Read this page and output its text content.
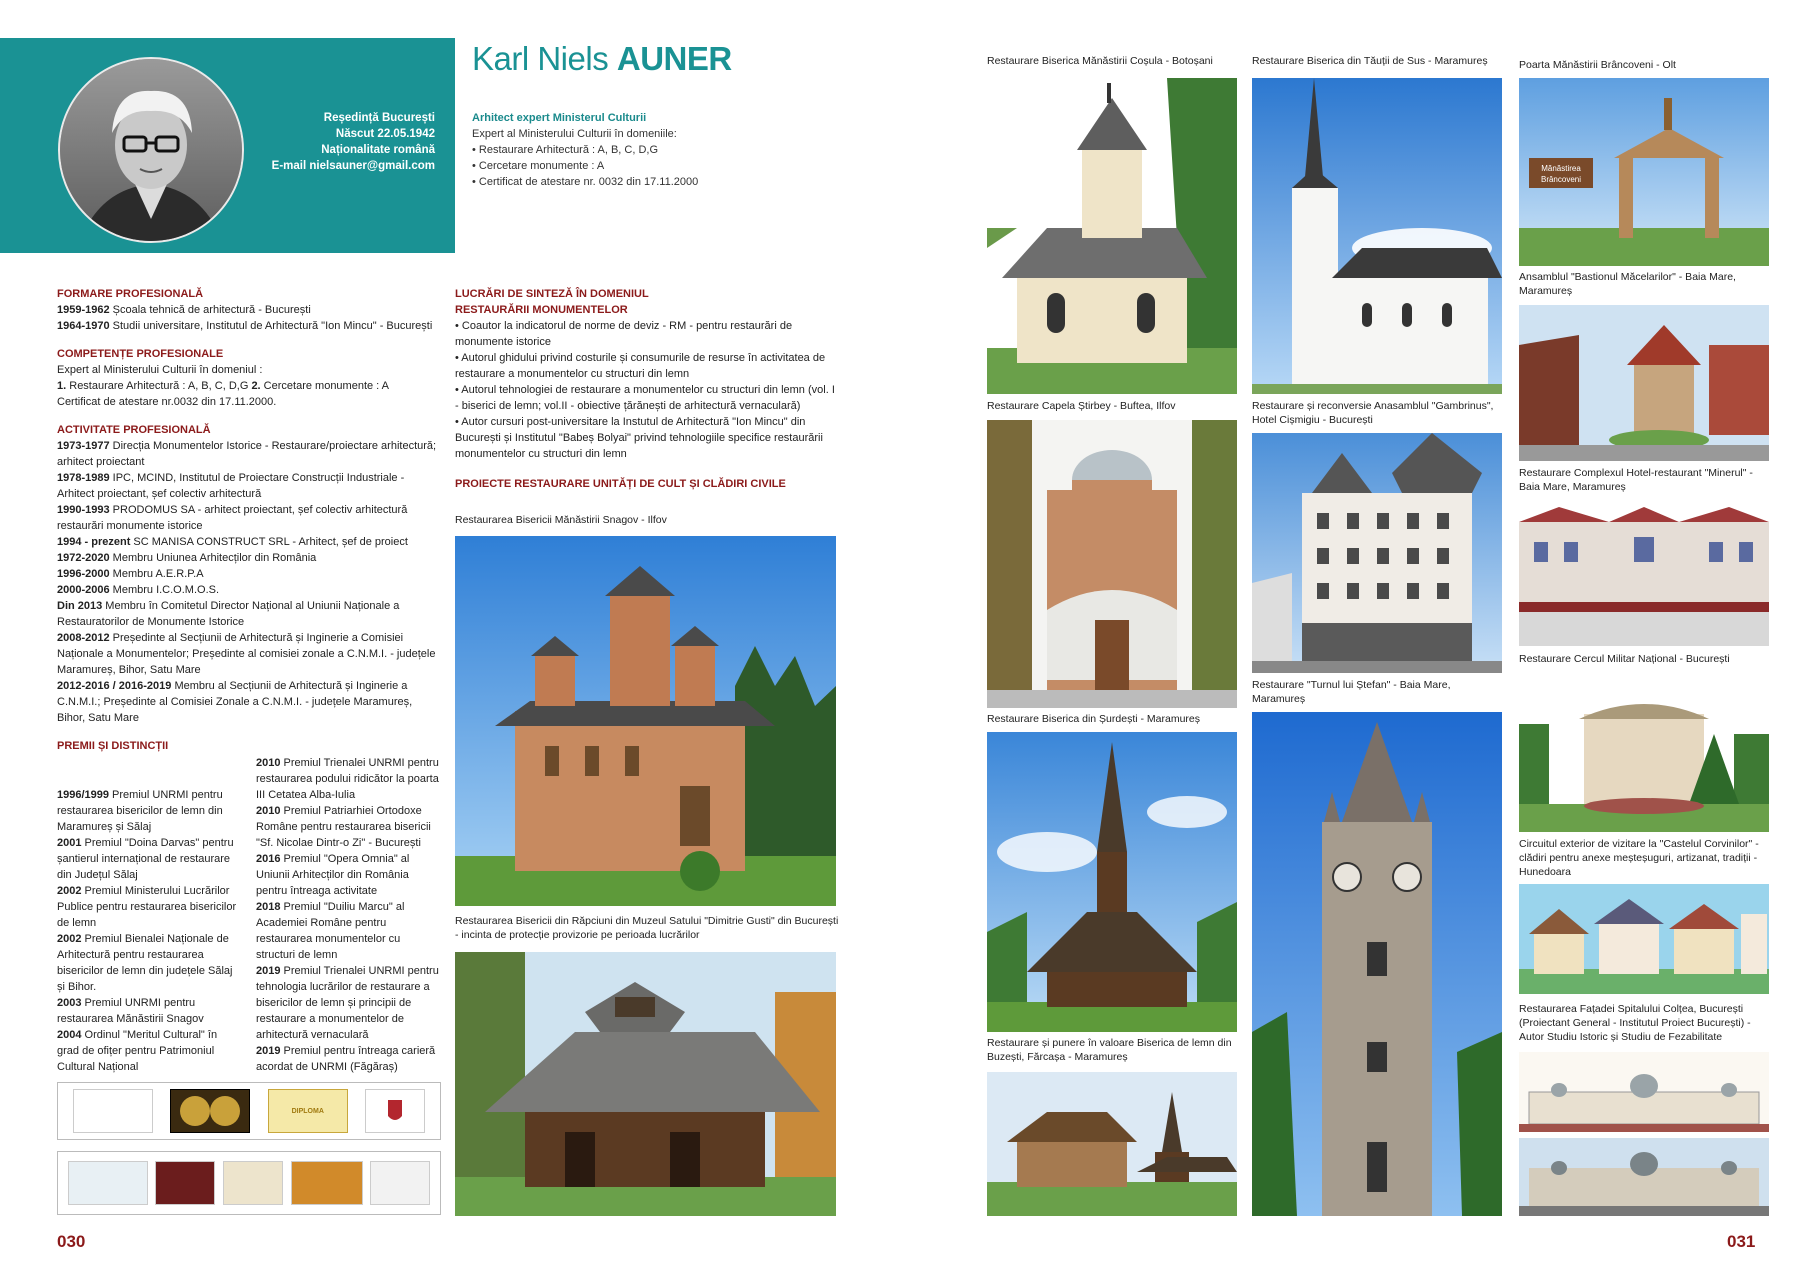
Reședință București
Născut 22.05.1942
Naționalitate română
E-mail nielsauner@gmail.com
Karl Niels AUNER
Arhitect expert Ministerul Culturii
Expert al Ministerului Culturii în domeniile:
• Restaurare Arhitectură : A, B, C, D,G
• Cercetare monumente : A
• Certificat de atestare nr. 0032 din 17.11.2000
FORMARE PROFESIONALĂ
1959-1962 Școala tehnică de arhitectură - București
1964-1970 Studii universitare, Institutul de Arhitectură "Ion Mincu" - București
COMPETENȚE PROFESIONALE
Expert al Ministerului Culturii în domeniul :
1. Restaurare Arhitectură : A, B, C, D,G 2. Cercetare monumente : A
Certificat de atestare nr.0032 din 17.11.2000.
ACTIVITATE PROFESIONALĂ
1973-1977 Direcția Monumentelor Istorice - Restaurare/proiectare arhitectură; arhitect proiectant
1978-1989 IPC, MCIND, Institutul de Proiectare Construcții Industriale - Arhitect proiectant, șef colectiv arhitectură
1990-1993 PRODOMUS SA - arhitect proiectant, șef colectiv arhitectură restaurări monumente istorice
1994 - prezent SC MANISA CONSTRUCT SRL - Arhitect, șef de proiect
1972-2020 Membru Uniunea Arhitecților din România
1996-2000 Membru A.E.R.P.A
2000-2006 Membru I.C.O.M.O.S.
Din 2013 Membru în Comitetul Director Național al Uniunii Naționale a Restauratorilor de Monumente Istorice
2008-2012 Președinte al Secțiunii de Arhitectură și Inginerie a Comisiei Naționale a Monumentelor; Președinte al comisiei zonale a C.N.M.I. - județele Maramureș, Bihor, Satu Mare
2012-2016 / 2016-2019 Membru al Secțiunii de Arhitectură și Inginerie a C.N.M.I.; Președinte al Comisiei Zonale a C.N.M.I. - județele Maramureș, Bihor, Satu Mare
PREMII ȘI DISTINCȚII
1996/1999 Premiul UNRMI pentru restaurarea bisericilor de lemn din Maramureș și Sălaj
2001 Premiul "Doina Darvas" pentru șantierul internațional de restaurare din Județul Sălaj
2002 Premiul Ministerului Lucrărilor Publice pentru restaurarea bisericilor de lemn
2002 Premiul Bienalei Naționale de Arhitectură pentru restaurarea bisericilor de lemn din județele Sălaj și Bihor.
2003 Premiul UNRMI pentru restaurarea Mănăstirii Snagov
2004 Ordinul "Meritul Cultural" în grad de ofițer pentru Patrimoniul Cultural Național
2010 Premiul Trienalei UNRMI pentru restaurarea podului ridicător la poarta III Cetatea Alba-Iulia
2010 Premiul Patriarhiei Ortodoxe Române pentru restaurarea bisericii "Sf. Nicolae Dintr-o Zi" - București
2016 Premiul "Opera Omnia" al Uniunii Arhitecților din România pentru întreaga activitate
2018 Premiul "Duiliu Marcu" al Academiei Române pentru restaurarea monumentelor cu structuri de lemn
2019 Premiul Trienalei UNRMI pentru tehnologia lucrărilor de restaurare a bisericilor de lemn și principii de restaurare a monumentelor de arhitectură vernaculară
2019 Premiul pentru întreaga carieră acordat de UNRMI (Făgăraș)
DIPLOMA
030
LUCRĂRI DE SINTEZĂ ÎN DOMENIUL
RESTAURĂRII MONUMENTELOR
• Coautor la indicatorul de norme de deviz - RM - pentru restaurări de monumente istorice
• Autorul ghidului privind costurile și consumurile de resurse în activitatea de restaurare a monumentelor cu structuri din lemn
• Autorul tehnologiei de restaurare a monumentelor cu structuri din lemn (vol. I - biserici de lemn; vol.II - obiective țărănești de arhitectură vernaculară)
• Autor cursuri post-universitare la Instutul de Arhitectură "Ion Mincu" din București și Institutul "Babeș Bolyai" privind tehnologiile specifice restaurării monumentelor cu structuri din lemn
PROIECTE RESTAURARE UNITĂȚI DE CULT ȘI CLĂDIRI CIVILE
Restaurarea Bisericii Mănăstirii Snagov - Ilfov
Restaurarea Bisericii din Răpciuni din Muzeul Satului "Dimitrie Gusti" din București - incinta de protecție provizorie pe perioada lucrărilor
Restaurare Biserica Mănăstirii Coșula - Botoșani
Restaurare Capela Știrbey - Buftea, Ilfov
Restaurare Biserica din Șurdești - Maramureș
Restaurare și punere în valoare Biserica de lemn din Buzești, Fărcașa - Maramureș
Restaurare Biserica din Tăuții de Sus - Maramureș
Restaurare și reconversie Anasamblul "Gambrinus", Hotel Cișmigiu - București
Restaurare "Turnul lui Ștefan" - Baia Mare, Maramureș
Poarta Mănăstirii Brâncoveni - Olt
Mănăstirea
Brâncoveni
Ansamblul "Bastionul Măcelarilor" - Baia Mare, Maramureș
Restaurare Complexul Hotel-restaurant "Minerul" - Baia Mare, Maramureș
Restaurare Cercul Militar Național - București
Circuitul exterior de vizitare la "Castelul Corvinilor" - clădiri pentru anexe meșteșuguri, artizanat, tradiții - Hunedoara
Restaurarea Fațadei Spitalului Colțea, București (Proiectant General - Institutul Proiect București) - Autor Studiu Istoric și Studiu de Fezabilitate
031
